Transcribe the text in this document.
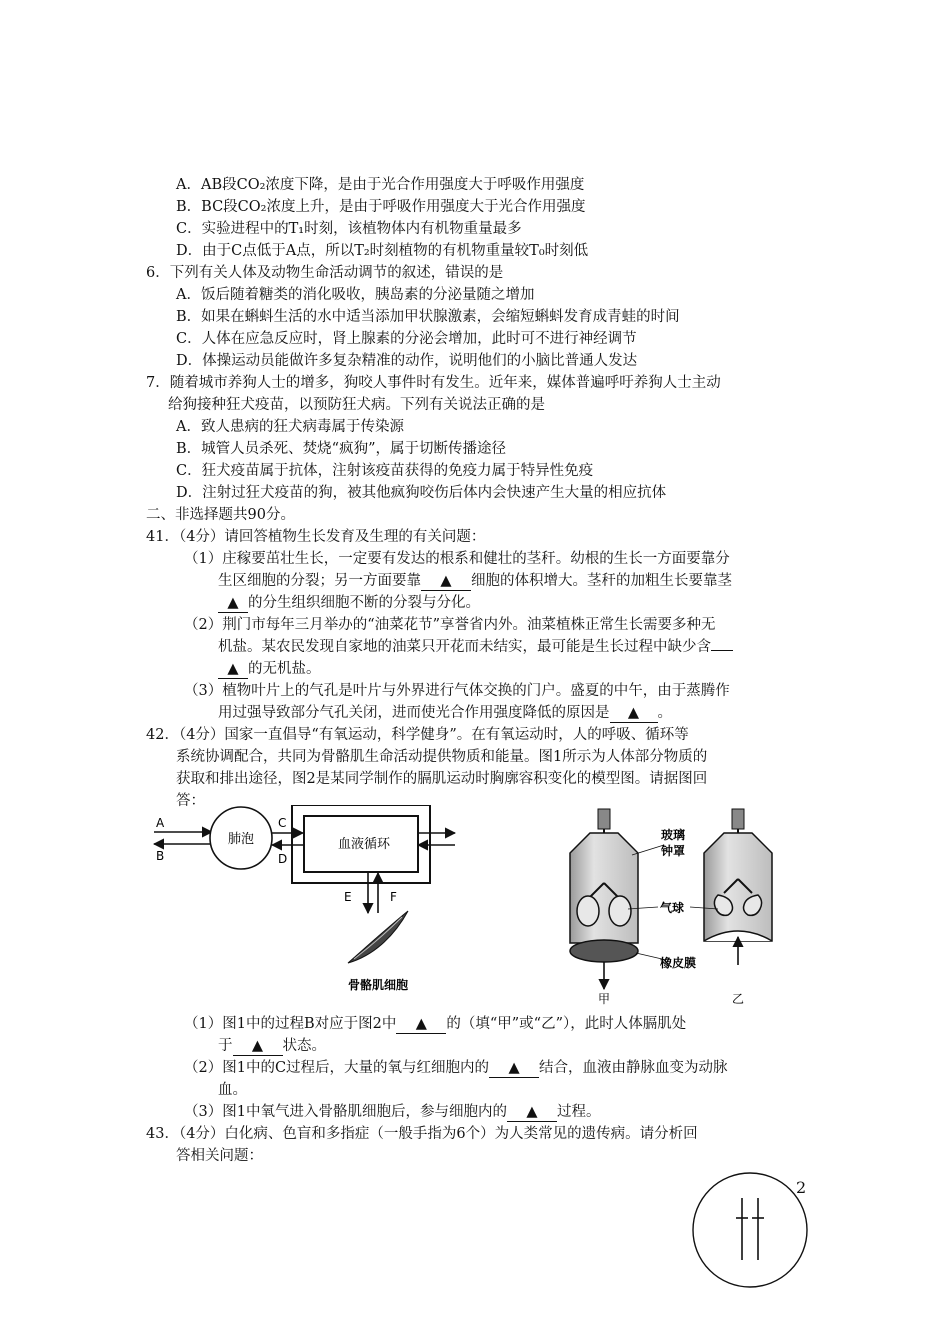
A．AB段CO₂浓度下降，是由于光合作用强度大于呼吸作用强度
B．BC段CO₂浓度上升，是由于呼吸作用强度大于光合作用强度
C．实验进程中的T₁时刻，该植物体内有机物重量最多
D．由于C点低于A点，所以T₂时刻植物的有机物重量较T₀时刻低
6．下列有关人体及动物生命活动调节的叙述，错误的是
A．饭后随着糖类的消化吸收，胰岛素的分泌量随之增加
B．如果在蝌蚪生活的水中适当添加甲状腺激素，会缩短蝌蚪发育成青蛙的时间
C．人体在应急反应时，肾上腺素的分泌会增加，此时可不进行神经调节
D．体操运动员能做许多复杂精准的动作，说明他们的小脑比普通人发达
7．随着城市养狗人士的增多，狗咬人事件时有发生。近年来，媒体普遍呼吁养狗人士主动
给狗接种狂犬疫苗，以预防狂犬病。下列有关说法正确的是
A．致人患病的狂犬病毒属于传染源
B．城管人员杀死、焚烧“疯狗”，属于切断传播途径
C．狂犬疫苗属于抗体，注射该疫苗获得的免疫力属于特异性免疫
D．注射过狂犬疫苗的狗，被其他疯狗咬伤后体内会快速产生大量的相应抗体
二、非选择题共90分。
41．（4分）请回答植物生长发育及生理的有关问题：
（1）庄稼要茁壮生长，一定要有发达的根系和健壮的茎秆。幼根的生长一方面要靠分
生区细胞的分裂；另一方面要靠 ▲ 细胞的体积增大。茎秆的加粗生长要靠茎
▲ 的分生组织细胞不断的分裂与分化。
（2）荆门市每年三月举办的“油菜花节”享誉省内外。油菜植株正常生长需要多种无
机盐。某农民发现自家地的油菜只开花而未结实，最可能是生长过程中缺少含
▲ 的无机盐。
（3）植物叶片上的气孔是叶片与外界进行气体交换的门户。盛夏的中午，由于蒸腾作
用过强导致部分气孔关闭，进而使光合作用强度降低的原因是 ▲ 。
42．（4分）国家一直倡导“有氧运动，科学健身”。在有氧运动时，人的呼吸、循环等
系统协调配合，共同为骨骼肌生命活动提供物质和能量。图1所示为人体部分物质的
获取和排出途径，图2是某同学制作的膈肌运动时胸廓容积变化的模型图。请据图回
答：
A
B
肺泡	血液循环
C
D
E	F
骨骼肌细胞
甲	乙
玻璃
钟罩
气球
橡皮膜
（1）图1中的过程B对应于图2中 ▲ 的（填“甲”或“乙”），此时人体膈肌处
于 ▲ 状态。
（2）图1中的C过程后，大量的氧与红细胞内的 ▲ 结合，血液由静脉血变为动脉
血。
（3）图1中氧气进入骨骼肌细胞后，参与细胞内的 ▲ 过程。
43．（4分）白化病、色盲和多指症（一般手指为6个）为人类常见的遗传病。请分析回
答相关问题：
2
